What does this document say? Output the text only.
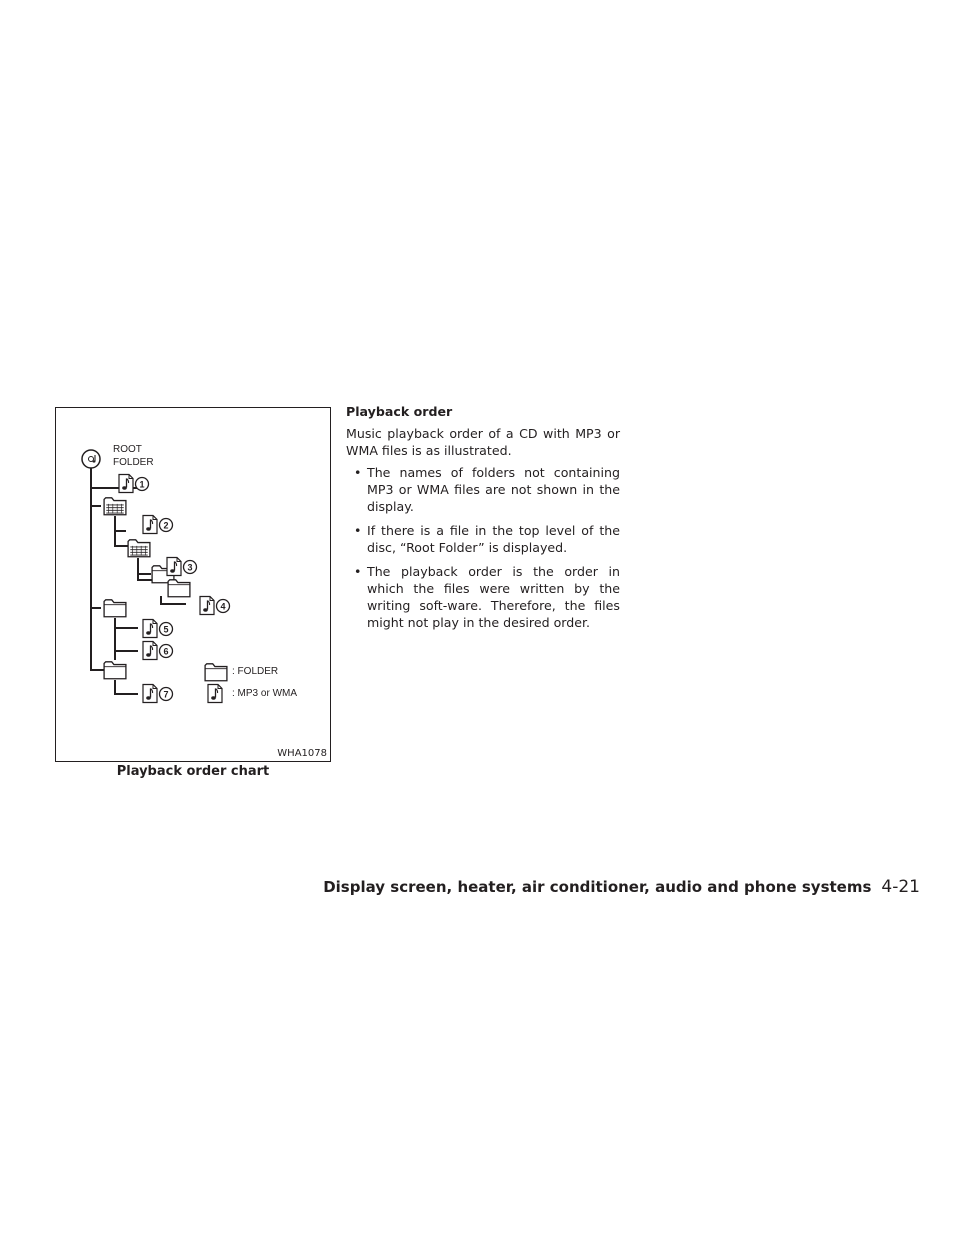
ROOT
FOLDER
1
2
3
4
5
6
7
: FOLDER
: MP3 or WMA
WHA1078
Playback order chart
Playback order

Music playback order of a CD with MP3 or WMA files is as illustrated.

• The names of folders not containing MP3 or WMA files are not shown in the display.
• If there is a file in the top level of the disc, “Root Folder” is displayed.
• The playback order is the order in which the files were written by the writing soft-ware. Therefore, the files might not play in the desired order.
Display screen, heater, air conditioner, audio and phone systems 4-21
